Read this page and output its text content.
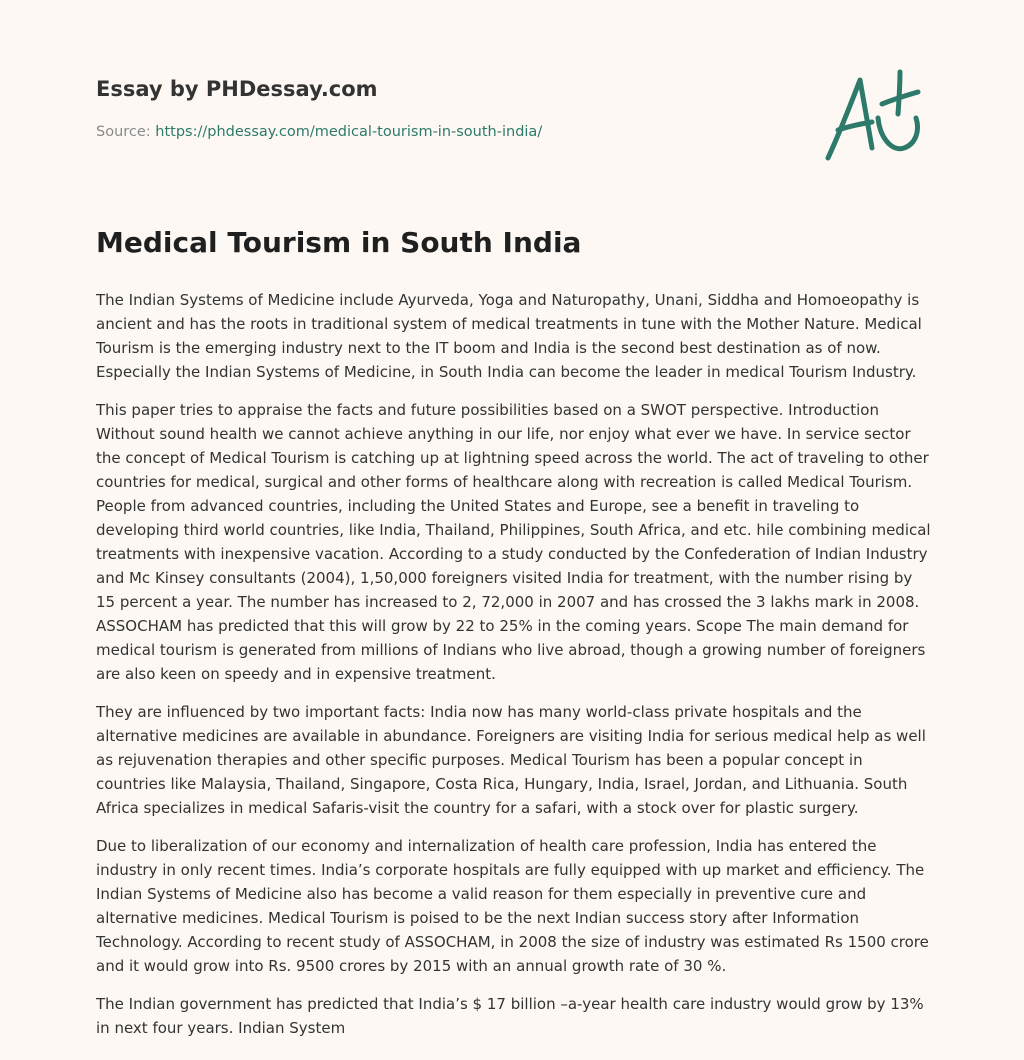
Essay by PHDessay.com
Source: https://phdessay.com/medical-tourism-in-south-india/
Medical Tourism in South India

The Indian Systems of Medicine include Ayurveda, Yoga and Naturopathy, Unani, Siddha and Homoeopathy is ancient and has the roots in traditional system of medical treatments in tune with the Mother Nature. Medical Tourism is the emerging industry next to the IT boom and India is the second best destination as of now. Especially the Indian Systems of Medicine, in South India can become the leader in medical Tourism Industry.

This paper tries to appraise the facts and future possibilities based on a SWOT perspective. Introduction Without sound health we cannot achieve anything in our life, nor enjoy what ever we have. In service sector the concept of Medical Tourism is catching up at lightning speed across the world. The act of traveling to other countries for medical, surgical and other forms of healthcare along with recreation is called Medical Tourism. People from advanced countries, including the United States and Europe, see a benefit in traveling to developing third world countries, like India, Thailand, Philippines, South Africa, and etc. hile combining medical treatments with inexpensive vacation. According to a study conducted by the Confederation of Indian Industry and Mc Kinsey consultants (2004), 1,50,000 foreigners visited India for treatment, with the number rising by 15 percent a year. The number has increased to 2, 72,000 in 2007 and has crossed the 3 lakhs mark in 2008. ASSOCHAM has predicted that this will grow by 22 to 25% in the coming years. Scope The main demand for medical tourism is generated from millions of Indians who live abroad, though a growing number of foreigners are also keen on speedy and in expensive treatment.

They are influenced by two important facts: India now has many world-class private hospitals and the alternative medicines are available in abundance. Foreigners are visiting India for serious medical help as well as rejuvenation therapies and other specific purposes. Medical Tourism has been a popular concept in countries like Malaysia, Thailand, Singapore, Costa Rica, Hungary, India, Israel, Jordan, and Lithuania. South Africa specializes in medical Safaris-visit the country for a safari, with a stock over for plastic surgery.

Due to liberalization of our economy and internalization of health care profession, India has entered the industry in only recent times. India’s corporate hospitals are fully equipped with up market and efficiency. The Indian Systems of Medicine also has become a valid reason for them especially in preventive cure and alternative medicines. Medical Tourism is poised to be the next Indian success story after Information Technology. According to recent study of ASSOCHAM, in 2008 the size of industry was estimated Rs 1500 crore and it would grow into Rs. 9500 crores by 2015 with an annual growth rate of 30 %.

The Indian government has predicted that India’s $ 17 billion –a-year health care industry would grow by 13% in next four years. Indian System
